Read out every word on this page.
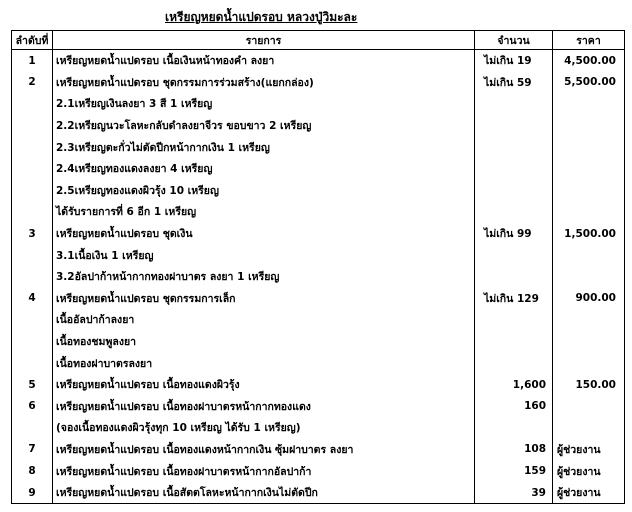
เหรียญหยดน้ำแปดรอบ หลวงปู่วิมะละ
ลำดับที่	รายการ	จำนวน	ราคา
1	เหรียญหยดน้ำแปดรอบ เนื้อเงินหน้าทองคำ ลงยา	ไม่เกิน 19	4,500.00
2	เหรียญหยดน้ำแปดรอบ ชุดกรรมการร่วมสร้าง(แยกกล่อง)	ไม่เกิน 59	5,500.00
	2.1เหรียญเงินลงยา 3 สี 1 เหรียญ		
	2.2เหรียญนวะโลหะกลับดำลงยาจีวร ขอบขาว 2 เหรียญ		
	2.3เหรียญตะกั่วไม่ตัดปีกหน้ากากเงิน 1 เหรียญ		
	2.4เหรียญทองแดงลงยา 4 เหรียญ		
	2.5เหรียญทองแดงผิวรุ้ง 10 เหรียญ		
	ได้รับรายการที่ 6 อีก 1 เหรียญ		
3	เหรียญหยดน้ำแปดรอบ ชุดเงิน	ไม่เกิน 99	1,500.00
	3.1เนื้อเงิน 1 เหรียญ		
	3.2อัลปาก้าหน้ากากทองฝาบาตร ลงยา 1 เหรียญ		
4	เหรียญหยดน้ำแปดรอบ ชุดกรรมการเล็ก	ไม่เกิน 129	900.00
	เนื้ออัลปาก้าลงยา		
	เนื้อทองชมพูลงยา		
	เนื้อทองฝาบาตรลงยา		
5	เหรียญหยดน้ำแปดรอบ เนื้อทองแดงผิวรุ้ง	1,600	150.00
6	เหรียญหยดน้ำแปดรอบ เนื้อทองฝาบาตรหน้ากากทองแดง	160	
	(จองเนื้อทองแดงผิวรุ้งทุก 10 เหรียญ ได้รับ 1 เหรียญ)		
7	เหรียญหยดน้ำแปดรอบ เนื้อทองแดงหน้ากากเงิน ซุ้มฝาบาตร ลงยา	108	ผู้ช่วยงาน
8	เหรียญหยดน้ำแปดรอบ เนื้อทองฝาบาตรหน้ากากอัลปาก้า	159	ผู้ช่วยงาน
9	เหรียญหยดน้ำแปดรอบ เนื้อสัตตโลหะหน้ากากเงินไม่ตัดปีก	39	ผู้ช่วยงาน
